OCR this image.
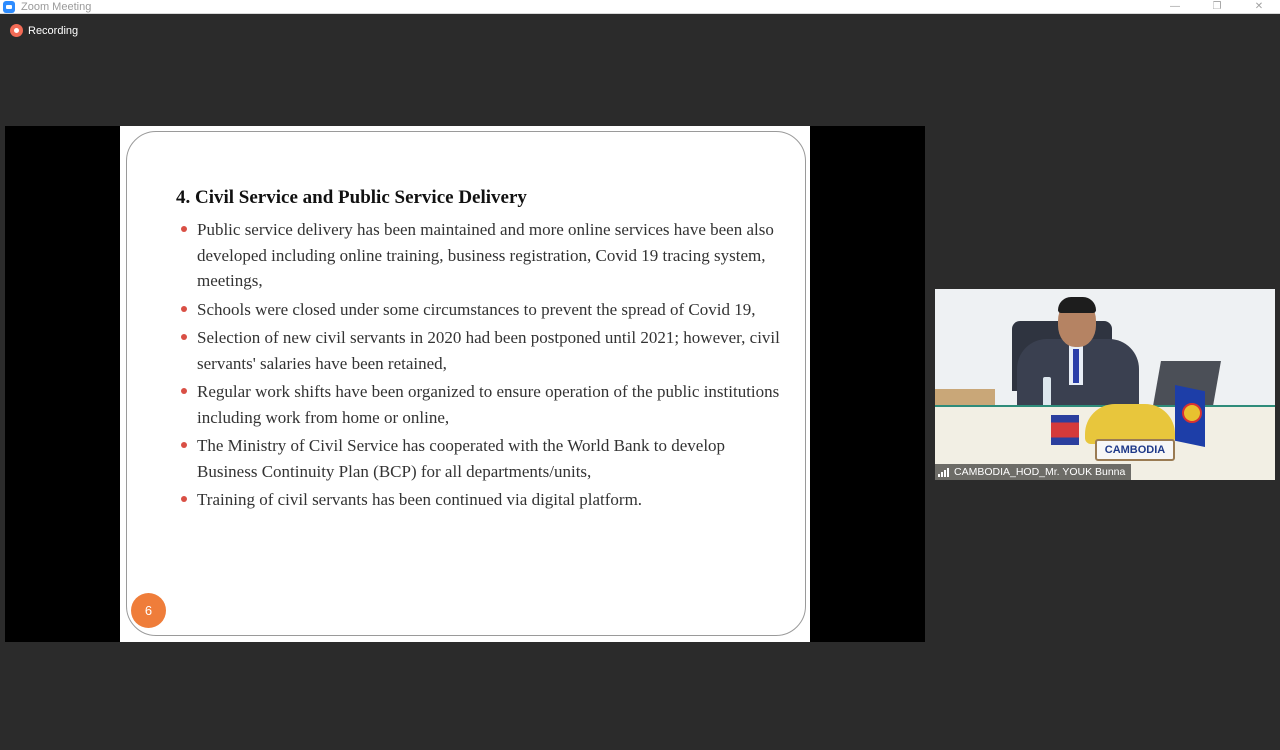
Zoom Meeting	—	❐	✕
Recording
4. Civil Service and Public Service Delivery
Public service delivery has been maintained and more online services have been also developed including online training, business registration, Covid 19 tracing system, meetings,
Schools were closed under some circumstances to prevent the spread of Covid 19,
Selection of new civil servants in 2020 had been postponed until 2021; however, civil servants' salaries have been retained,
Regular work shifts have been organized to ensure operation of the public institutions including work from home or online,
The Ministry of Civil Service has cooperated with the World Bank to develop Business Continuity Plan (BCP) for all departments/units,
Training of civil servants has been continued via digital platform.
6
CAMBODIA
CAMBODIA_HOD_Mr. YOUK Bunna
